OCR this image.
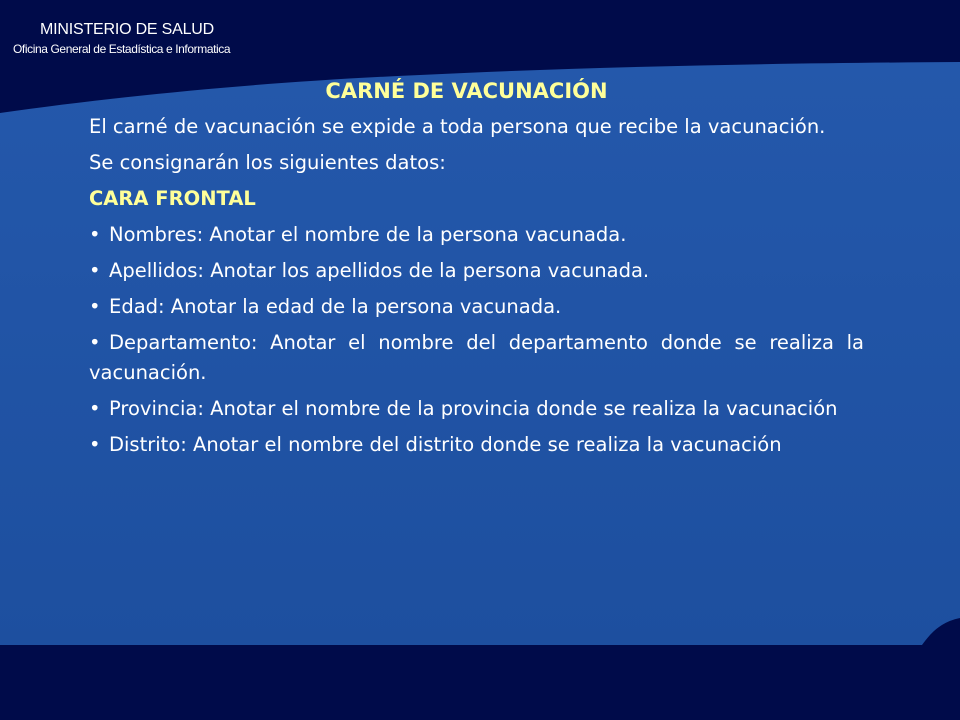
MINISTERIO DE SALUD
Oficina General de Estadística e Informatica
CARNÉ DE VACUNACIÓN
El carné de vacunación se expide a toda persona que recibe la vacunación.
Se consignarán los siguientes datos:
CARA FRONTAL
• Nombres: Anotar el nombre de la persona vacunada.
• Apellidos: Anotar los apellidos de la persona vacunada.
• Edad: Anotar la edad de la persona vacunada.
• Departamento: Anotar el nombre del departamento donde se realiza la vacunación.
• Provincia: Anotar el nombre de la provincia donde se realiza la vacunación
• Distrito: Anotar el nombre del distrito donde se realiza la vacunación
